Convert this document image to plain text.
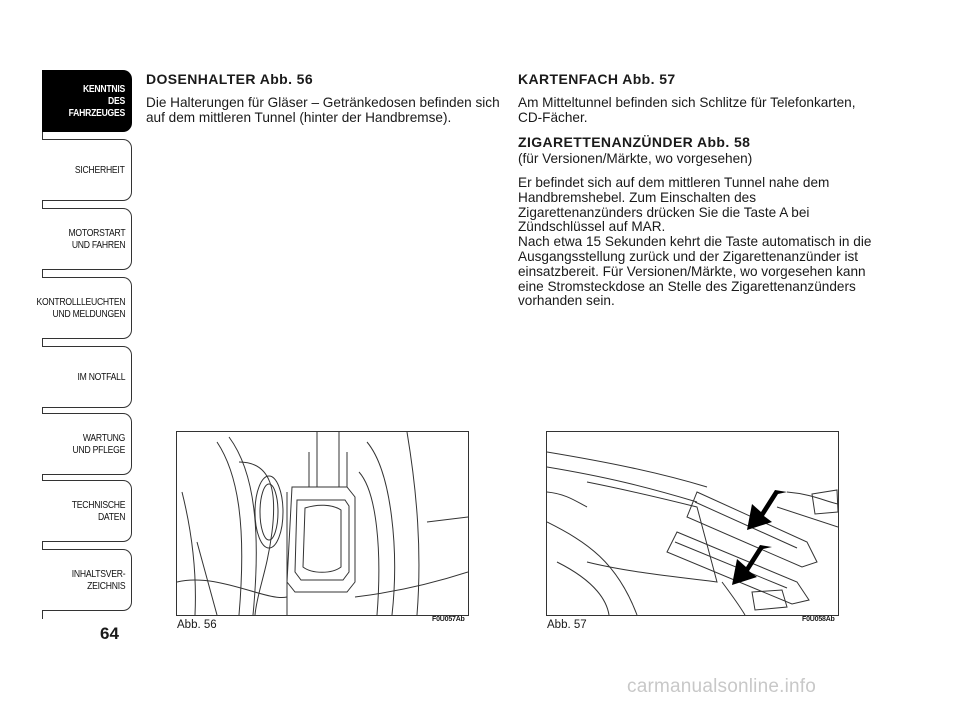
KENNTNIS
DES FAHRZEUGES
SICHERHEIT
MOTORSTART
UND FAHREN
KONTROLLLEUCHTEN
UND MELDUNGEN
IM NOTFALL
WARTUNG
UND PFLEGE
TECHNISCHE
DATEN
INHALTSVER-
ZEICHNIS
64
DOSENHALTER Abb. 56

Die Halterungen für Gläser – Getränkedosen befinden sich auf dem mittleren Tunnel (hinter der Handbremse).

KARTENFACH Abb. 57

Am Mitteltunnel befinden sich Schlitze für Telefonkarten, CD-Fächer.

ZIGARETTENANZÜNDER Abb. 58

(für Versionen/Märkte, wo vorgesehen)

Er befindet sich auf dem mittleren Tunnel nahe dem Handbremshebel. Zum Einschalten des Zigarettenanzünders drücken Sie die Taste A bei Zündschlüssel auf MAR.

Nach etwa 15 Sekunden kehrt die Taste automatisch in die Ausgangsstellung zurück und der Zigarettenanzünder ist einsatzbereit. Für Versionen/Märkte, wo vorgesehen kann eine Stromsteckdose an Stelle des Zigarettenanzünders vorhanden sein.

Abb. 56	F0U057Ab	Abb. 57	F0U058Ab
carmanualsonline.info
